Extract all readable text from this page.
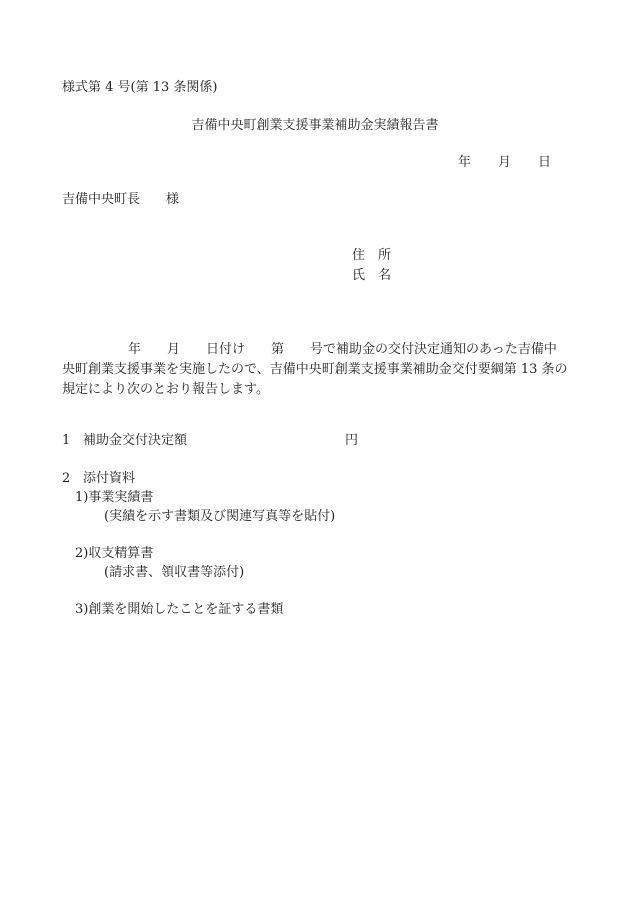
様式第 4 号(第 13 条関係)
吉備中央町創業支援事業補助金実績報告書
年 月 日
吉備中央町長　　様
住　所
氏　名
年　　月　　日付け　　第　　号で補助金の交付決定通知のあった吉備中
央町創業支援事業を実施したので、吉備中央町創業支援事業補助金交付要綱第 13 条の
規定により次のとおり報告します。
1 補助金交付決定額	円
2 添付資料
1)事業実績書
(実績を示す書類及び関連写真等を貼付)
2)収支精算書
(請求書、領収書等添付)
3)創業を開始したことを証する書類
